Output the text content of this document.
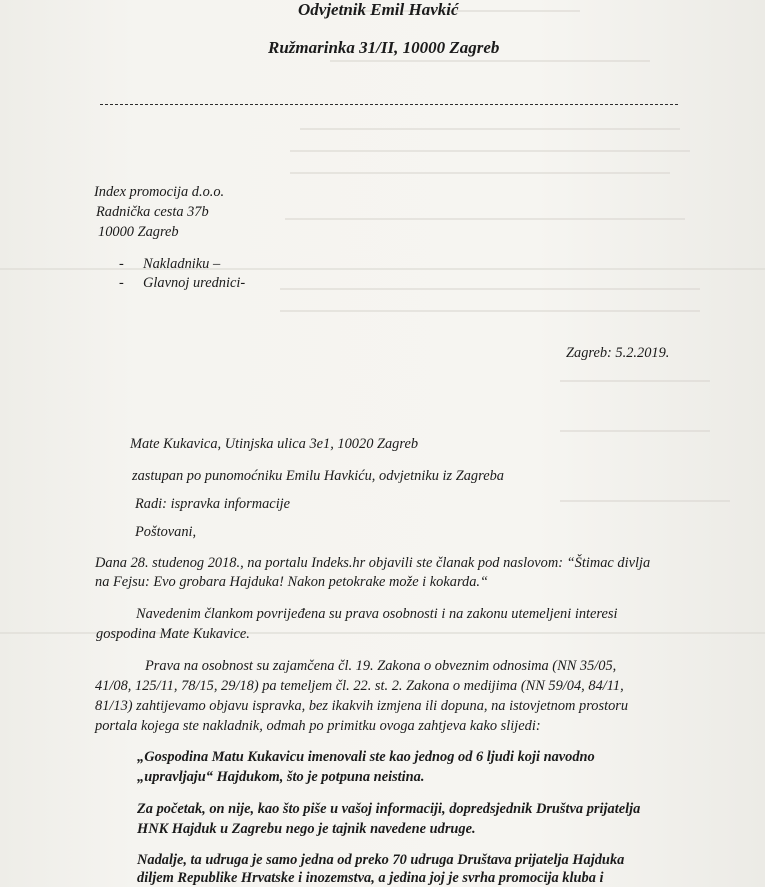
Odvjetnik Emil Havkić
Ružmarinka 31/II, 10000 Zagreb
Index promocija d.o.o.
Radnička cesta 37b
10000 Zagreb
- Nakladniku –
- Glavnoj urednici-
Zagreb: 5.2.2019.
Mate Kukavica, Utinjska ulica 3e1, 10020 Zagreb
zastupan po punomoćniku Emilu Havkiću, odvjetniku iz Zagreba
Radi: ispravka informacije
Poštovani,
Dana 28. studenog 2018., na portalu Indeks.hr objavili ste članak pod naslovom: “Štimac divlja
na Fejsu: Evo grobara Hajduka! Nakon petokrake može i kokarda.“
Navedenim člankom povrijeđena su prava osobnosti i na zakonu utemeljeni interesi
gospodina Mate Kukavice.
Prava na osobnost su zajamčena čl. 19. Zakona o obveznim odnosima (NN 35/05,
41/08, 125/11, 78/15, 29/18) pa temeljem čl. 22. st. 2. Zakona o medijima (NN 59/04, 84/11,
81/13) zahtijevamo objavu ispravka, bez ikakvih izmjena ili dopuna, na istovjetnom prostoru
portala kojega ste nakladnik, odmah po primitku ovoga zahtjeva kako slijedi:
„Gospodina Matu Kukavicu imenovali ste kao jednog od 6 ljudi koji navodno
„upravljaju“ Hajdukom, što je potpuna neistina.
Za početak, on nije, kao što piše u vašoj informaciji, dopredsjednik Društva prijatelja
HNK Hajduk u Zagrebu nego je tajnik navedene udruge.
Nadalje, ta udruga je samo jedna od preko 70 udruga Društava prijatelja Hajduka
diljem Republike Hrvatske i inozemstva, a jedina joj je svrha promocija kluba i
